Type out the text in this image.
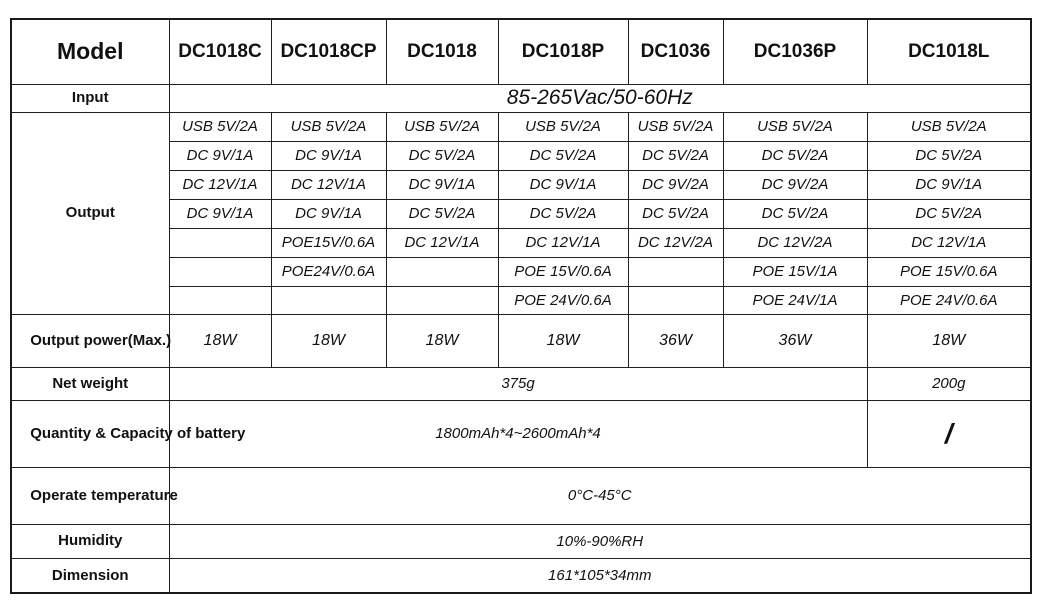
Model	DC1018C	DC1018CP	DC1018	DC1018P	DC1036	DC1036P	DC1018L
Input	85-265Vac/50-60Hz						
Output	USB 5V/2A	USB 5V/2A	USB 5V/2A	USB 5V/2A	USB 5V/2A	USB 5V/2A	USB 5V/2A
	DC 9V/1A	DC 9V/1A	DC 5V/2A	DC 5V/2A	DC 5V/2A	DC 5V/2A	DC 5V/2A
	DC 12V/1A	DC 12V/1A	DC 9V/1A	DC 9V/1A	DC 9V/2A	DC 9V/2A	DC 9V/1A
	DC 9V/1A	DC 9V/1A	DC 5V/2A	DC 5V/2A	DC 5V/2A	DC 5V/2A	DC 5V/2A
		POE15V/0.6A	DC 12V/1A	DC 12V/1A	DC 12V/2A	DC 12V/2A	DC 12V/1A
		POE24V/0.6A		POE 15V/0.6A		POE 15V/1A	POE 15V/0.6A
				POE 24V/0.6A		POE 24V/1A	POE 24V/0.6A
Output power(Max.)	18W	18W	18W	18W	36W	36W	18W
Net weight	375g						200g
Quantity & Capacity of battery	1800mAh*4~2600mAh*4						/
Operate temperature	0°C-45°C						
Humidity	10%-90%RH						
Dimension	161*105*34mm						
